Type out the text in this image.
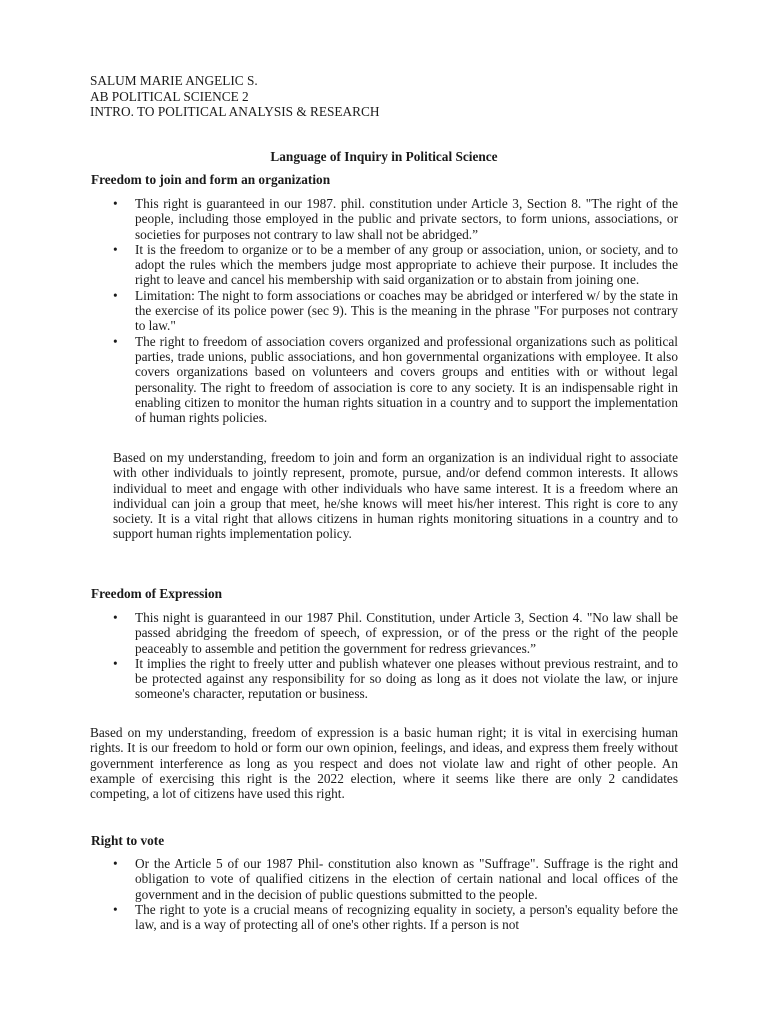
SALUM MARIE ANGELIC S.
AB POLITICAL SCIENCE 2
INTRO. TO POLITICAL ANALYSIS & RESEARCH
Language of Inquiry in Political Science
Freedom to join and form an organization
• This right is guaranteed in our 1987. phil. constitution under Article 3, Section 8. "The right of the people, including those employed in the public and private sectors, to form unions, associations, or societies for purposes not contrary to law shall not be abridged.”
• It is the freedom to organize or to be a member of any group or association, union, or society, and to adopt the rules which the members judge most appropriate to achieve their purpose. It includes the right to leave and cancel his membership with said organization or to abstain from joining one.
• Limitation: The night to form associations or coaches may be abridged or interfered w/ by the state in the exercise of its police power (sec 9). This is the meaning in the phrase "For purposes not contrary to law."
• The right to freedom of association covers organized and professional organizations such as political parties, trade unions, public associations, and hon governmental organizations with employee. It also covers organizations based on volunteers and covers groups and entities with or without legal personality. The right to freedom of association is core to any society. It is an indispensable right in enabling citizen to monitor the human rights situation in a country and to support the implementation of human rights policies.
Based on my understanding, freedom to join and form an organization is an individual right to associate with other individuals to jointly represent, promote, pursue, and/or defend common interests. It allows individual to meet and engage with other individuals who have same interest. It is a freedom where an individual can join a group that meet, he/she knows will meet his/her interest. This right is core to any society. It is a vital right that allows citizens in human rights monitoring situations in a country and to support human rights implementation policy.
Freedom of Expression
• This night is guaranteed in our 1987 Phil. Constitution, under Article 3, Section 4. "No law shall be passed abridging the freedom of speech, of expression, or of the press or the right of the people peaceably to assemble and petition the government for redress grievances.”
• It implies the right to freely utter and publish whatever one pleases without previous restraint, and to be protected against any responsibility for so doing as long as it does not violate the law, or injure someone's character, reputation or business.
Based on my understanding, freedom of expression is a basic human right; it is vital in exercising human rights. It is our freedom to hold or form our own opinion, feelings, and ideas, and express them freely without government interference as long as you respect and does not violate law and right of other people. An example of exercising this right is the 2022 election, where it seems like there are only 2 candidates competing, a lot of citizens have used this right.
Right to vote
• Or the Article 5 of our 1987 Phil- constitution also known as "Suffrage". Suffrage is the right and obligation to vote of qualified citizens in the election of certain national and local offices of the government and in the decision of public questions submitted to the people.
• The right to yote is a crucial means of recognizing equality in society, a person's equality before the law, and is a way of protecting all of one's other rights. If a person is not
